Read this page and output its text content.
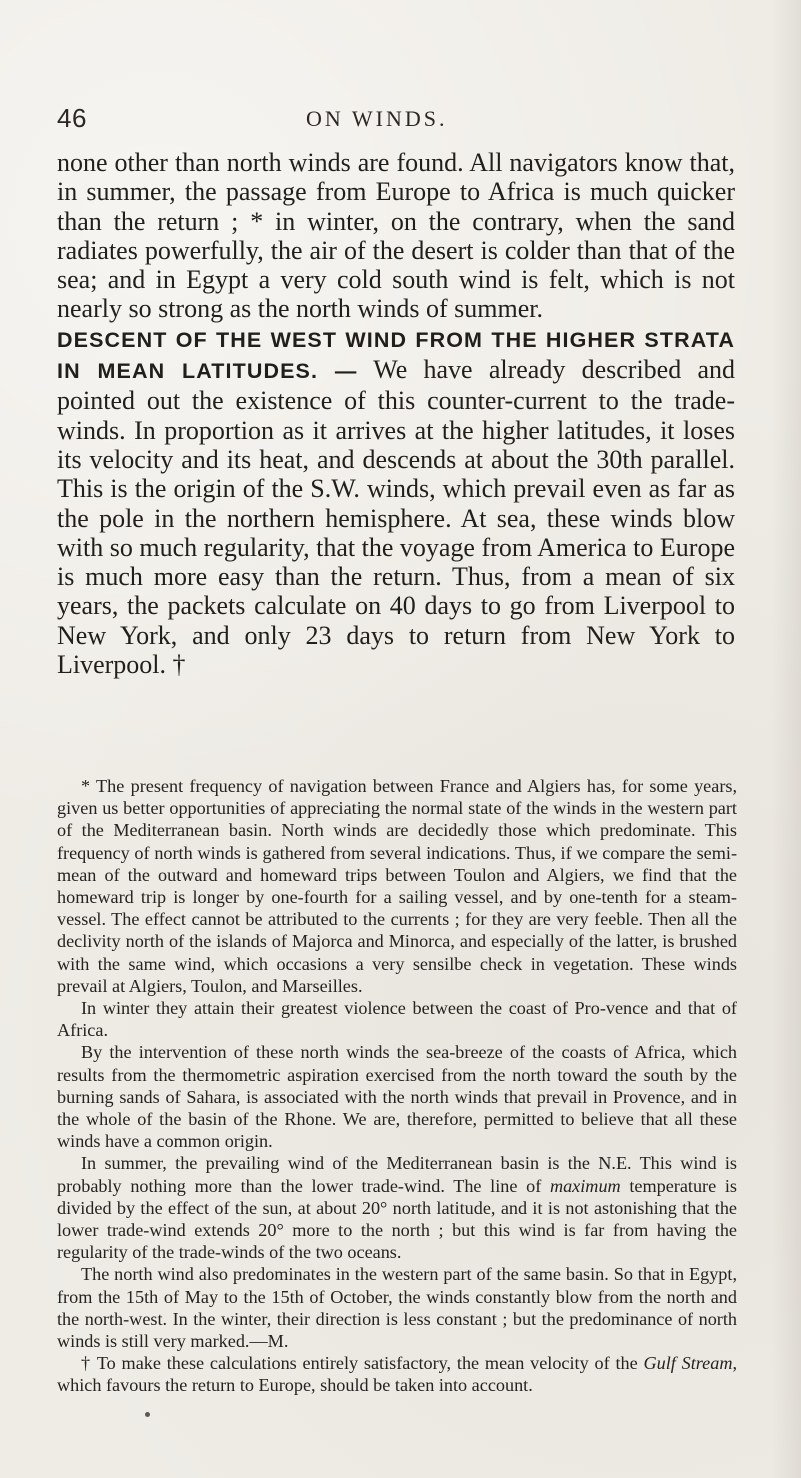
46	ON WINDS.

none other than north winds are found. All navigators know that, in summer, the passage from Europe to Africa is much quicker than the return ; * in winter, on the contrary, when the sand radiates powerfully, the air of the desert is colder than that of the sea; and in Egypt a very cold south wind is felt, which is not nearly so strong as the north winds of summer.

DESCENT OF THE WEST WIND FROM THE HIGHER STRATA IN MEAN LATITUDES. — We have already described and pointed out the existence of this counter-current to the trade-winds. In proportion as it arrives at the higher latitudes, it loses its velocity and its heat, and descends at about the 30th parallel. This is the origin of the S.W. winds, which prevail even as far as the pole in the northern hemisphere. At sea, these winds blow with so much regularity, that the voyage from America to Europe is much more easy than the return. Thus, from a mean of six years, the packets calculate on 40 days to go from Liverpool to New York, and only 23 days to return from New York to Liverpool. †

* The present frequency of navigation between France and Algiers has, for some years, given us better opportunities of appreciating the normal state of the winds in the western part of the Mediterranean basin. North winds are decidedly those which predominate. This frequency of north winds is gathered from several indications. Thus, if we compare the semi-mean of the outward and homeward trips between Toulon and Algiers, we find that the homeward trip is longer by one-fourth for a sailing vessel, and by one-tenth for a steam-vessel. The effect cannot be attributed to the currents ; for they are very feeble. Then all the declivity north of the islands of Majorca and Minorca, and especially of the latter, is brushed with the same wind, which occasions a very sensilbe check in vegetation. These winds prevail at Algiers, Toulon, and Marseilles.

In winter they attain their greatest violence between the coast of Pro-vence and that of Africa.

By the intervention of these north winds the sea-breeze of the coasts of Africa, which results from the thermometric aspiration exercised from the north toward the south by the burning sands of Sahara, is associated with the north winds that prevail in Provence, and in the whole of the basin of the Rhone. We are, therefore, permitted to believe that all these winds have a common origin.

In summer, the prevailing wind of the Mediterranean basin is the N.E. This wind is probably nothing more than the lower trade-wind. The line of maximum temperature is divided by the effect of the sun, at about 20° north latitude, and it is not astonishing that the lower trade-wind extends 20° more to the north ; but this wind is far from having the regularity of the trade-winds of the two oceans.

The north wind also predominates in the western part of the same basin. So that in Egypt, from the 15th of May to the 15th of October, the winds constantly blow from the north and the north-west. In the winter, their direction is less constant ; but the predominance of north winds is still very marked.—M.

† To make these calculations entirely satisfactory, the mean velocity of the Gulf Stream, which favours the return to Europe, should be taken into account.
